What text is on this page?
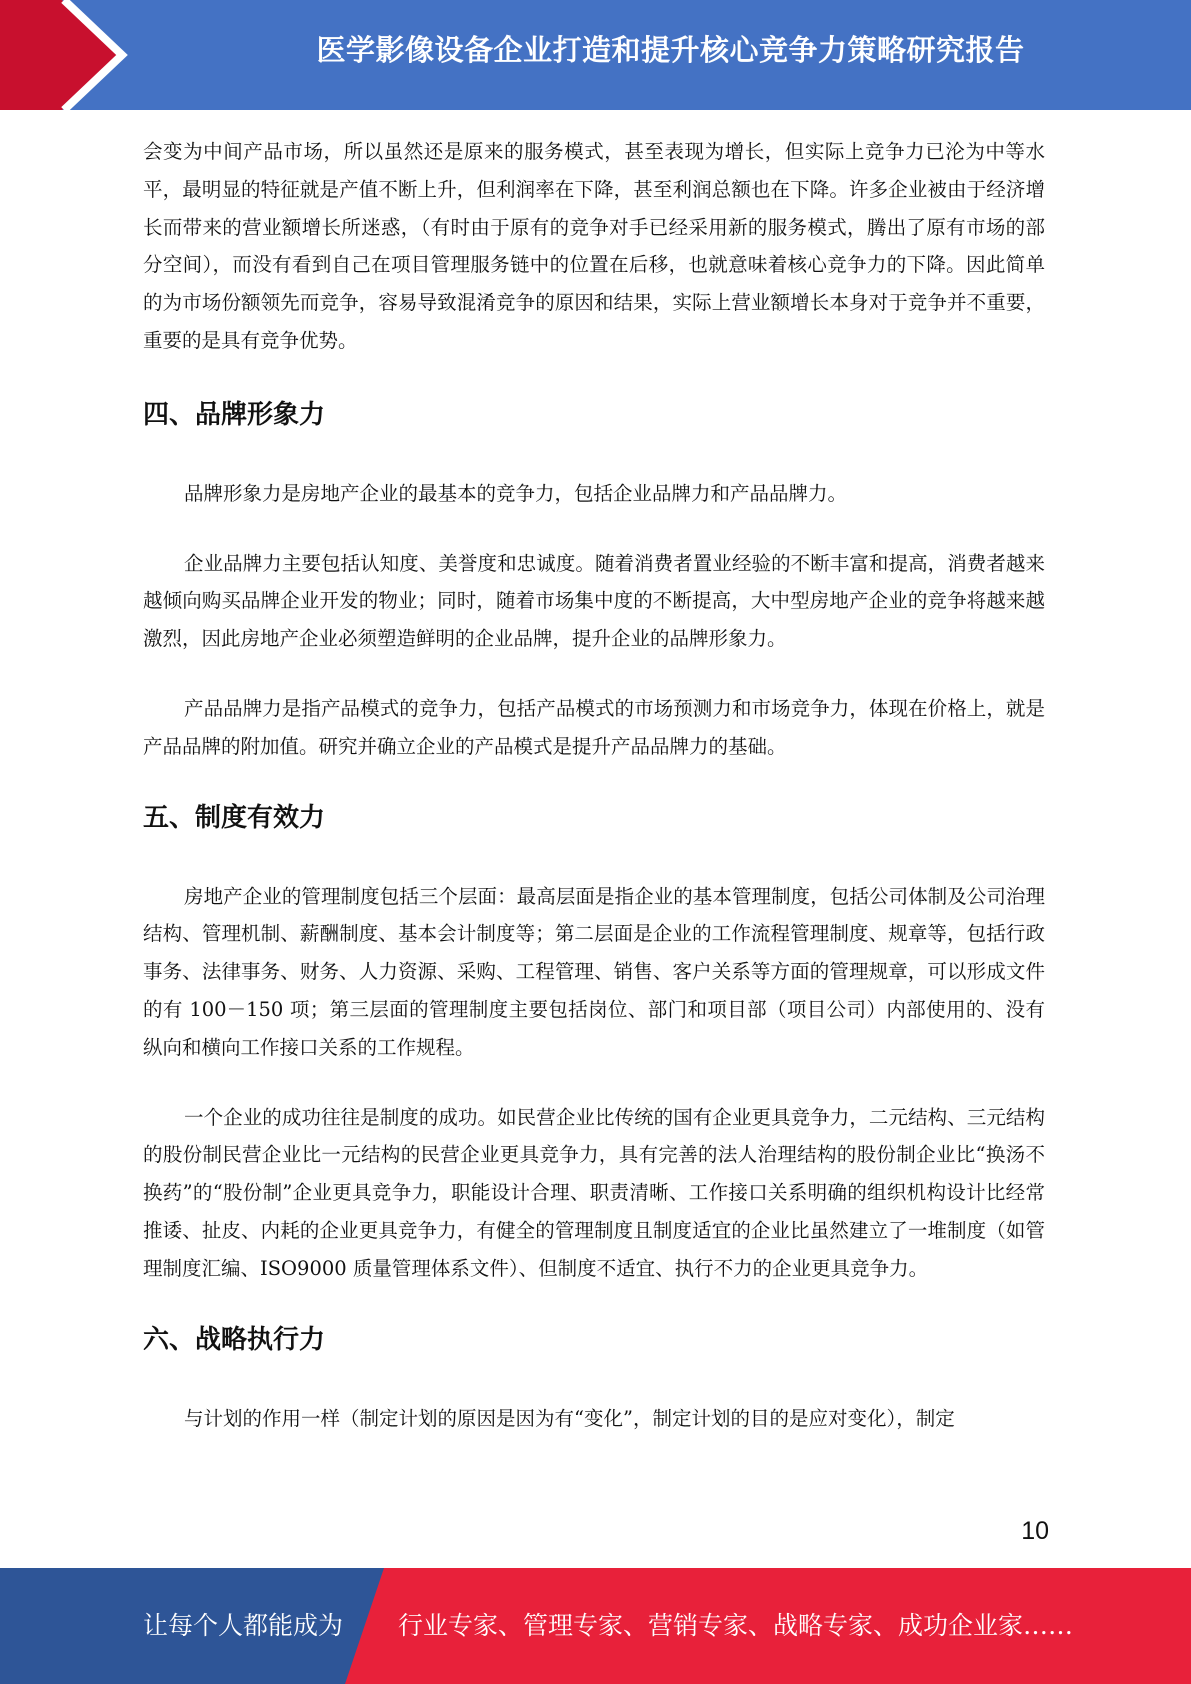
医学影像设备企业打造和提升核心竞争力策略研究报告

会变为中间产品市场，所以虽然还是原来的服务模式，甚至表现为增长，但实际上竞争力已沦为中等水平，最明显的特征就是产值不断上升，但利润率在下降，甚至利润总额也在下降。许多企业被由于经济增长而带来的营业额增长所迷惑，（有时由于原有的竞争对手已经采用新的服务模式，腾出了原有市场的部分空间），而没有看到自己在项目管理服务链中的位置在后移，也就意味着核心竞争力的下降。因此简单的为市场份额领先而竞争，容易导致混淆竞争的原因和结果，实际上营业额增长本身对于竞争并不重要，重要的是具有竞争优势。

四、品牌形象力

品牌形象力是房地产企业的最基本的竞争力，包括企业品牌力和产品品牌力。

企业品牌力主要包括认知度、美誉度和忠诚度。随着消费者置业经验的不断丰富和提高，消费者越来越倾向购买品牌企业开发的物业；同时，随着市场集中度的不断提高，大中型房地产企业的竞争将越来越激烈，因此房地产企业必须塑造鲜明的企业品牌，提升企业的品牌形象力。

产品品牌力是指产品模式的竞争力，包括产品模式的市场预测力和市场竞争力，体现在价格上，就是产品品牌的附加值。研究并确立企业的产品模式是提升产品品牌力的基础。

五、制度有效力

房地产企业的管理制度包括三个层面：最高层面是指企业的基本管理制度，包括公司体制及公司治理结构、管理机制、薪酬制度、基本会计制度等；第二层面是企业的工作流程管理制度、规章等，包括行政事务、法律事务、财务、人力资源、采购、工程管理、销售、客户关系等方面的管理规章，可以形成文件的有 100－150 项；第三层面的管理制度主要包括岗位、部门和项目部（项目公司）内部使用的、没有纵向和横向工作接口关系的工作规程。

一个企业的成功往往是制度的成功。如民营企业比传统的国有企业更具竞争力，二元结构、三元结构的股份制民营企业比一元结构的民营企业更具竞争力，具有完善的法人治理结构的股份制企业比“换汤不换药”的“股份制”企业更具竞争力，职能设计合理、职责清晰、工作接口关系明确的组织机构设计比经常推诿、扯皮、内耗的企业更具竞争力，有健全的管理制度且制度适宜的企业比虽然建立了一堆制度（如管理制度汇编、ISO9000 质量管理体系文件）、但制度不适宜、执行不力的企业更具竞争力。

六、战略执行力

与计划的作用一样（制定计划的原因是因为有“变化”，制定计划的目的是应对变化），制定

10
让每个人都能成为 行业专家、管理专家、营销专家、战略专家、成功企业家……
